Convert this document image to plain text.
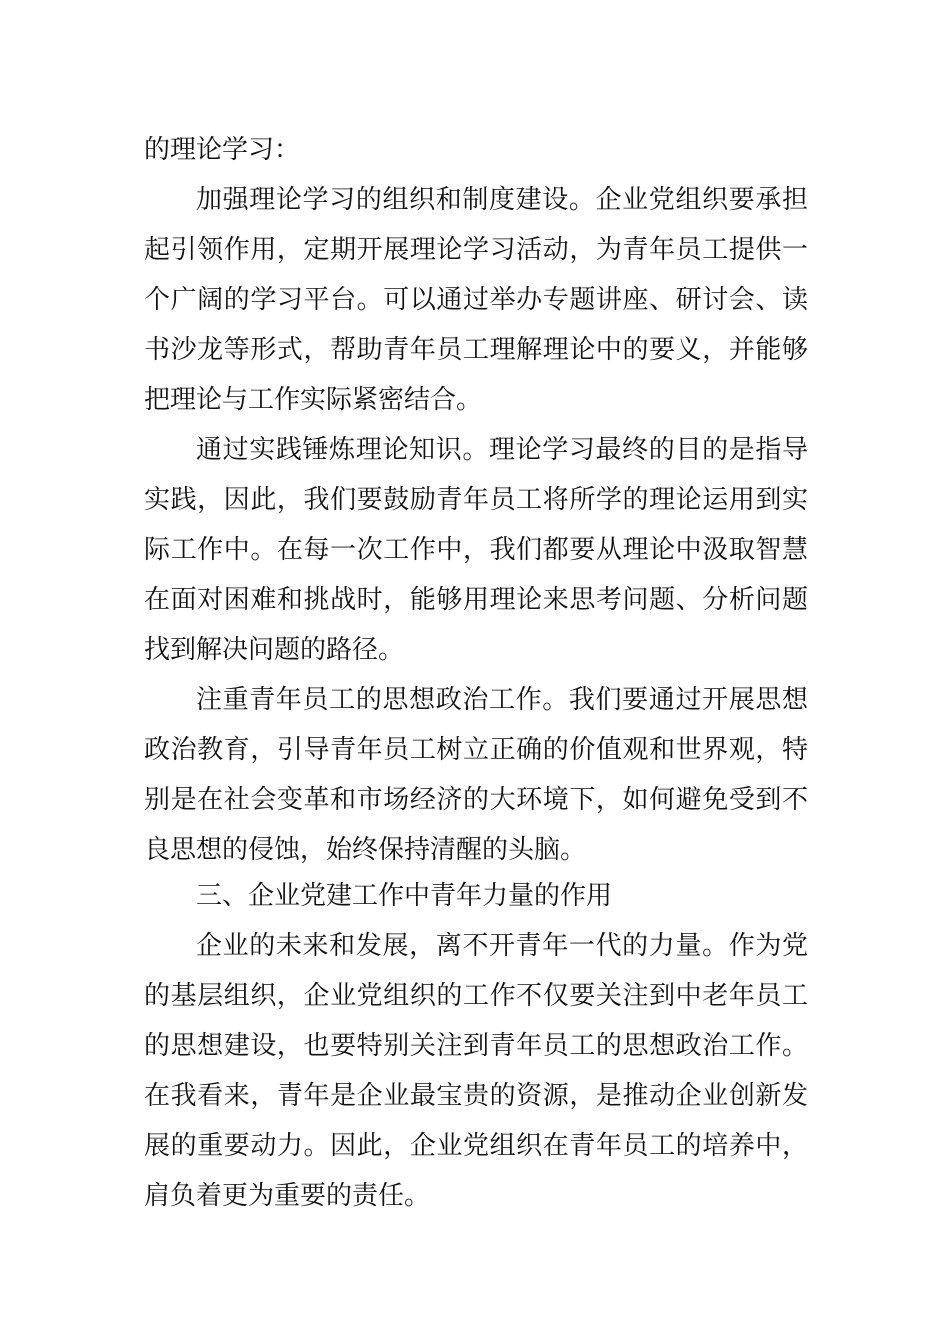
的理论学习：
加强理论学习的组织和制度建设。企业党组织要承担
起引领作用，定期开展理论学习活动，为青年员工提供一
个广阔的学习平台。可以通过举办专题讲座、研讨会、读
书沙龙等形式，帮助青年员工理解理论中的要义，并能够
把理论与工作实际紧密结合。
通过实践锤炼理论知识。理论学习最终的目的是指导
实践，因此，我们要鼓励青年员工将所学的理论运用到实
际工作中。在每一次工作中，我们都要从理论中汲取智慧
在面对困难和挑战时，能够用理论来思考问题、分析问题
找到解决问题的路径。
注重青年员工的思想政治工作。我们要通过开展思想
政治教育，引导青年员工树立正确的价值观和世界观，特
别是在社会变革和市场经济的大环境下，如何避免受到不
良思想的侵蚀，始终保持清醒的头脑。
三、企业党建工作中青年力量的作用
企业的未来和发展，离不开青年一代的力量。作为党
的基层组织，企业党组织的工作不仅要关注到中老年员工
的思想建设，也要特别关注到青年员工的思想政治工作。
在我看来，青年是企业最宝贵的资源，是推动企业创新发
展的重要动力。因此，企业党组织在青年员工的培养中，
肩负着更为重要的责任。
